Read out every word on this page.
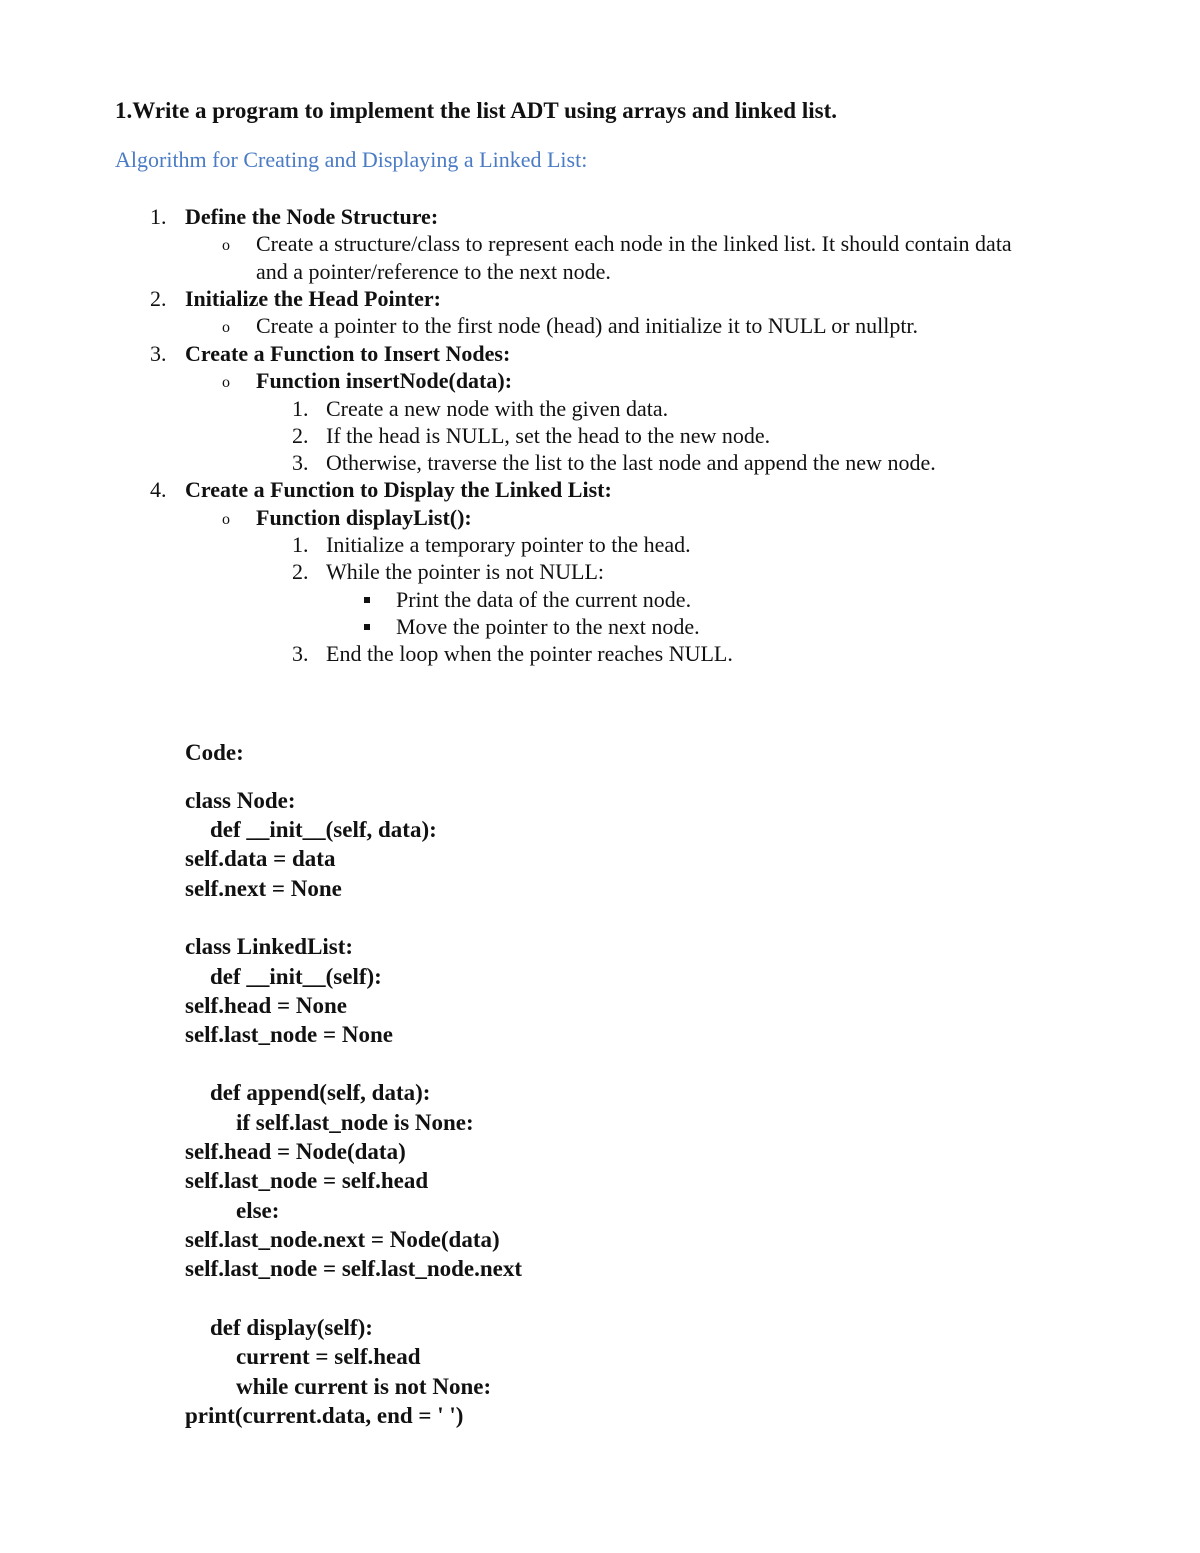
1.Write a program to implement the list ADT using arrays and linked list.
Algorithm for Creating and Displaying a Linked List:
1. Define the Node Structure:
o Create a structure/class to represent each node in the linked list. It should contain data
and a pointer/reference to the next node.
2. Initialize the Head Pointer:
o Create a pointer to the first node (head) and initialize it to NULL or nullptr.
3. Create a Function to Insert Nodes:
o Function insertNode(data):
1. Create a new node with the given data.
2. If the head is NULL, set the head to the new node.
3. Otherwise, traverse the list to the last node and append the new node.
4. Create a Function to Display the Linked List:
o Function displayList():
1. Initialize a temporary pointer to the head.
2. While the pointer is not NULL:
Print the data of the current node.
Move the pointer to the next node.
3. End the loop when the pointer reaches NULL.
Code:
class Node:
def __init__(self, data):
self.data = data
self.next = None
class LinkedList:
def __init__(self):
self.head = None
self.last_node = None
def append(self, data):
if self.last_node is None:
self.head = Node(data)
self.last_node = self.head
else:
self.last_node.next = Node(data)
self.last_node = self.last_node.next
def display(self):
current = self.head
while current is not None:
print(current.data, end = ' ')
